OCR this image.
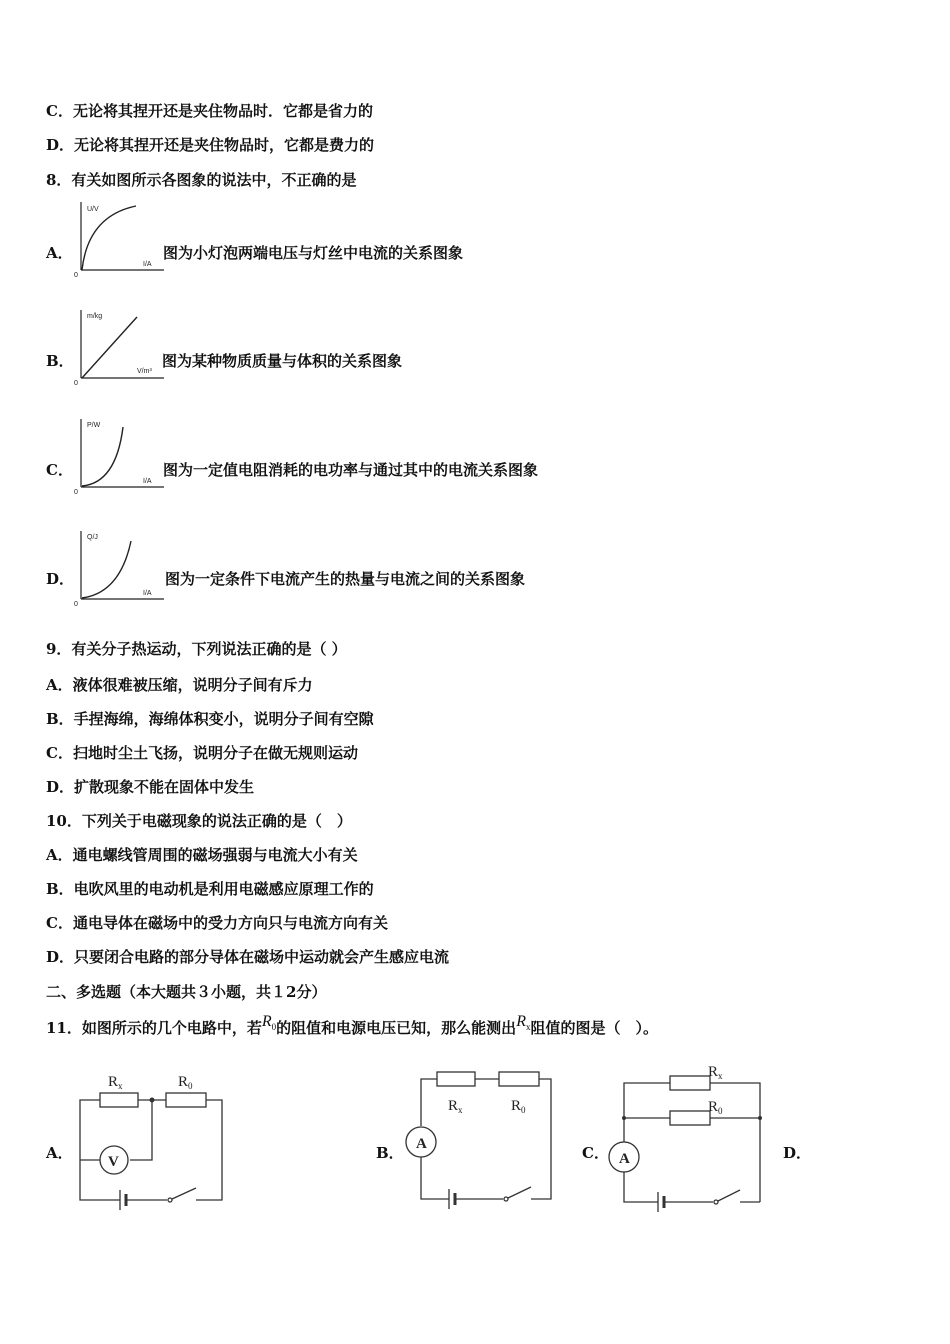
C．无论将其捏开还是夹住物品时．它都是省力的
D．无论将其捏开还是夹住物品时，它都是费力的
8．有关如图所示各图象的说法中，不正确的是
A．
U/V
I/A
0
图为小灯泡两端电压与灯丝中电流的关系图象
B．
m/kg
V/m³
0
图为某种物质质量与体积的关系图象
C．
P/W
I/A
0
图为一定值电阻消耗的电功率与通过其中的电流关系图象
D．
Q/J
I/A
0
图为一定条件下电流产生的热量与电流之间的关系图象
9．有关分子热运动，下列说法正确的是（ ）
A．液体很难被压缩，说明分子间有斥力
B．手捏海绵，海绵体积变小，说明分子间有空隙
C．扫地时尘土飞扬，说明分子在做无规则运动
D．扩散现象不能在固体中发生
10．下列关于电磁现象的说法正确的是（　）
A．通电螺线管周围的磁场强弱与电流大小有关
B．电吹风里的电动机是利用电磁感应原理工作的
C．通电导体在磁场中的受力方向只与电流方向有关
D．只要闭合电路的部分导体在磁场中运动就会产生感应电流
二、多选题（本大题共３小题，共１2分）
11．如图所示的几个电路中，若$R_0$的阻值和电源电压已知，那么能测出$R_x$阻值的图是（　）。
A．
$R_x$	$R_0$
V	B．
$R_x$	$R_0$
A	C．
$R_x$
$R_0$
A	D．
